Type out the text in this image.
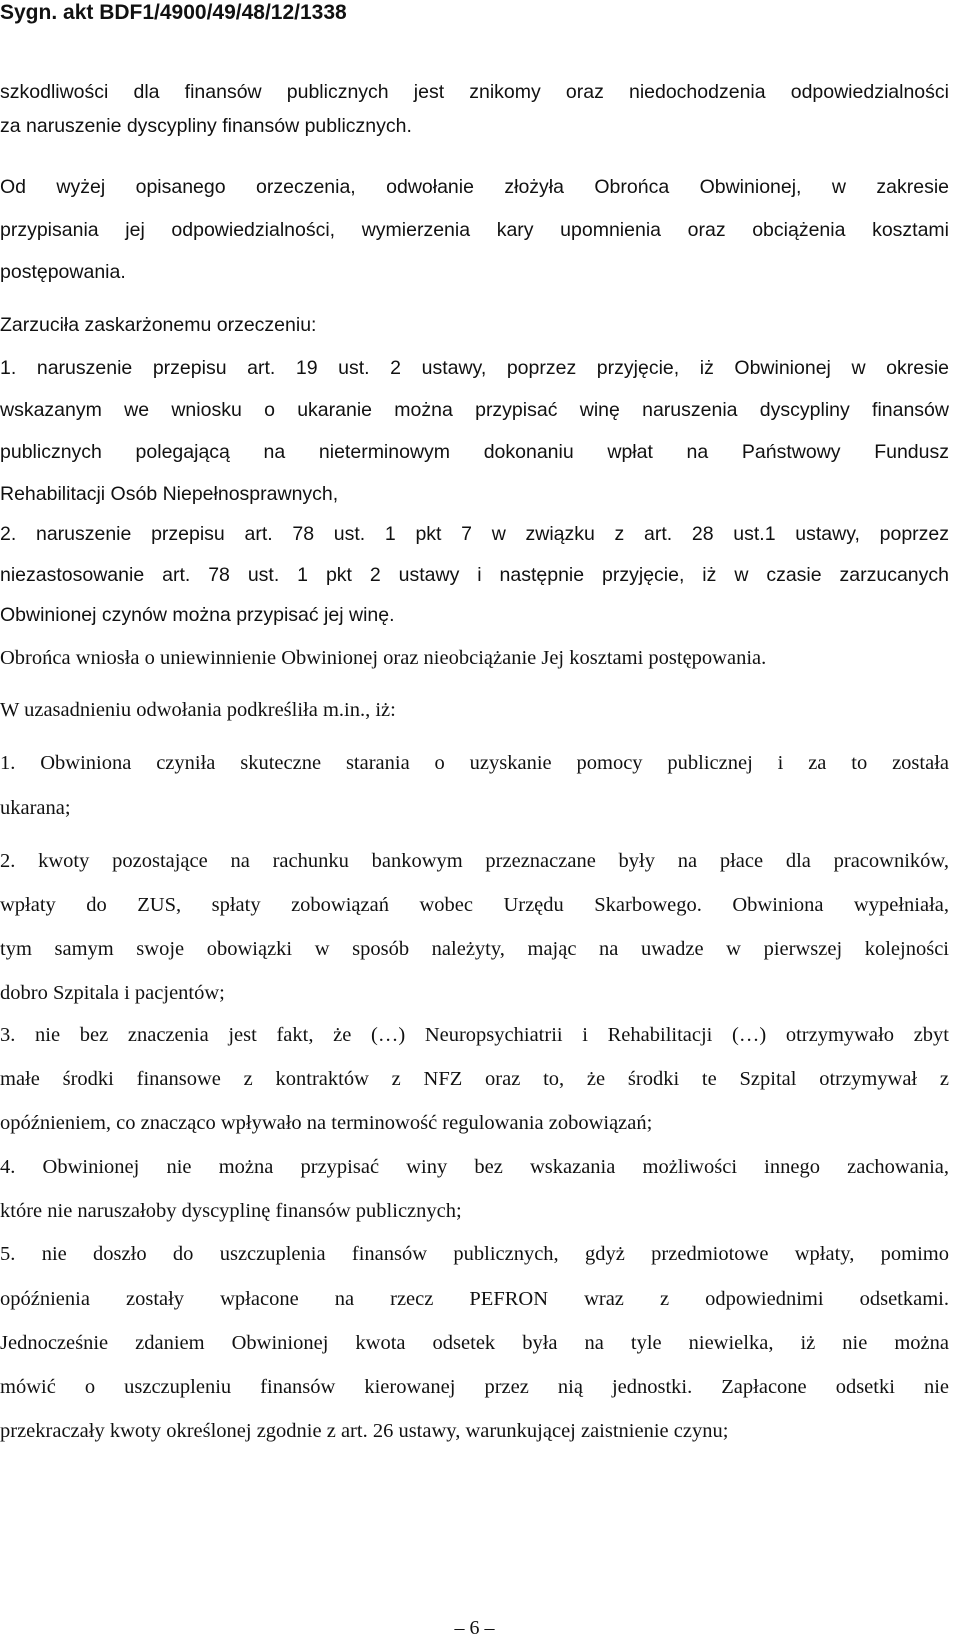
Sygn. akt BDF1/4900/49/48/12/1338
szkodliwości dla finansów publicznych jest znikomy oraz niedochodzenia odpowiedzialności
za naruszenie dyscypliny finansów publicznych.
Od wyżej opisanego orzeczenia, odwołanie złożyła Obrońca Obwinionej, w zakresie
przypisania jej odpowiedzialności, wymierzenia kary upomnienia oraz obciążenia kosztami
postępowania.
Zarzuciła zaskarżonemu orzeczeniu:
1. naruszenie przepisu art. 19 ust. 2 ustawy, poprzez przyjęcie, iż Obwinionej w okresie
wskazanym we wniosku o ukaranie można przypisać winę naruszenia dyscypliny finansów
publicznych polegającą na nieterminowym dokonaniu wpłat na Państwowy Fundusz
Rehabilitacji Osób Niepełnosprawnych,
2. naruszenie przepisu art. 78 ust. 1 pkt 7 w związku z art. 28 ust.1 ustawy, poprzez
niezastosowanie art. 78 ust. 1 pkt 2 ustawy i następnie przyjęcie, iż w czasie zarzucanych
Obwinionej czynów można przypisać jej winę.
Obrońca wniosła o uniewinnienie Obwinionej oraz nieobciążanie Jej kosztami postępowania.
W uzasadnieniu odwołania podkreśliła m.in., iż:
1. Obwiniona czyniła skuteczne starania o uzyskanie pomocy publicznej i za to została
ukarana;
2. kwoty pozostające na rachunku bankowym przeznaczane były na płace dla pracowników,
wpłaty do ZUS, spłaty zobowiązań wobec Urzędu Skarbowego. Obwiniona wypełniała,
tym samym swoje obowiązki w sposób należyty, mając na uwadze w pierwszej kolejności
dobro Szpitala i pacjentów;
3. nie bez znaczenia jest fakt, że (…) Neuropsychiatrii i Rehabilitacji (…) otrzymywało zbyt
małe środki finansowe z kontraktów z NFZ oraz to, że środki te Szpital otrzymywał z
opóźnieniem, co znacząco wpływało na terminowość regulowania zobowiązań;
4. Obwinionej nie można przypisać winy bez wskazania możliwości innego zachowania,
które nie naruszałoby dyscyplinę finansów publicznych;
5. nie doszło do uszczuplenia finansów publicznych, gdyż przedmiotowe wpłaty, pomimo
opóźnienia zostały wpłacone na rzecz PEFRON wraz z odpowiednimi odsetkami.
Jednocześnie zdaniem Obwinionej kwota odsetek była na tyle niewielka, iż nie można
mówić o uszczupleniu finansów kierowanej przez nią jednostki. Zapłacone odsetki nie
przekraczały kwoty określonej zgodnie z art. 26 ustawy, warunkującej zaistnienie czynu;
– 6 –
